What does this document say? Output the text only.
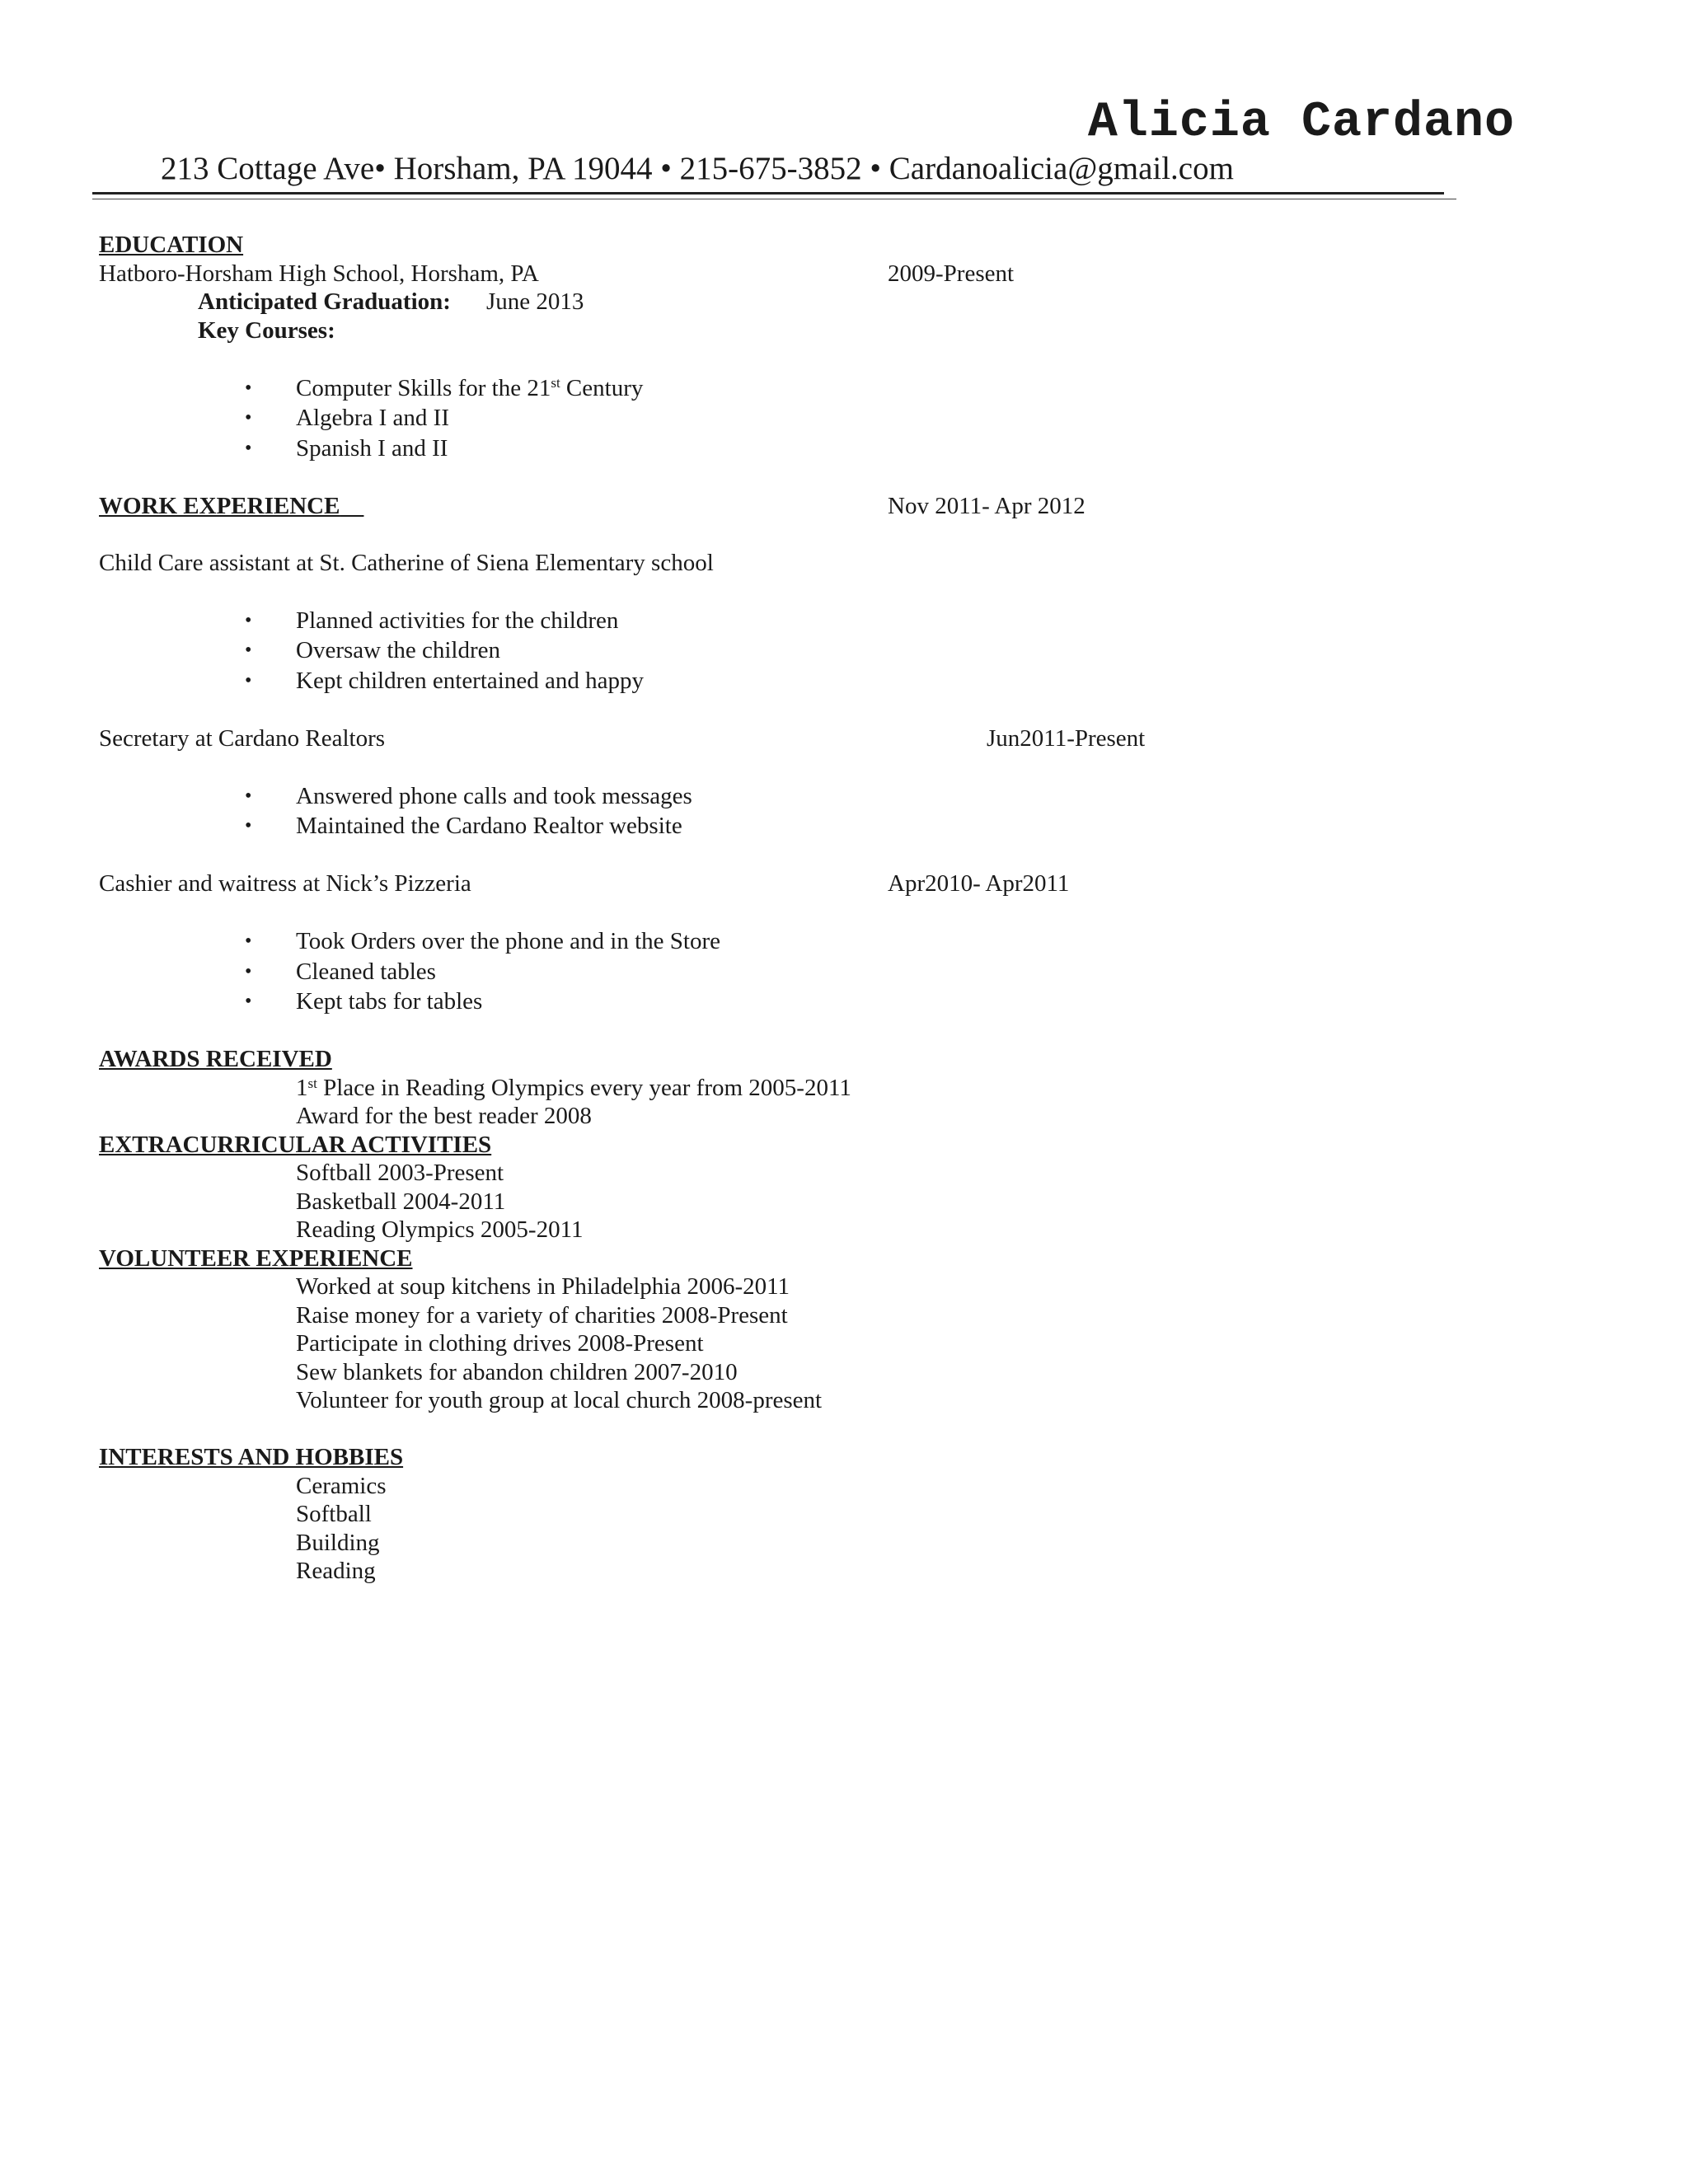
Alicia Cardano
213 Cottage Ave• Horsham, PA 19044 • 215-675-3852 • Cardanoalicia@gmail.com
EDUCATION
Hatboro-Horsham High School, Horsham, PA	2009-Present
Anticipated Graduation: June 2013
Key Courses:
• Computer Skills for the 21st Century
• Algebra I and II
• Spanish I and II
WORK EXPERIENCE	Nov 2011- Apr 2012
Child Care assistant at St. Catherine of Siena Elementary school
• Planned activities for the children
• Oversaw the children
• Kept children entertained and happy
Secretary at Cardano Realtors	Jun2011-Present
• Answered phone calls and took messages
• Maintained the Cardano Realtor website
Cashier and waitress at Nick’s Pizzeria	Apr2010- Apr2011
• Took Orders over the phone and in the Store
• Cleaned tables
• Kept tabs for tables
AWARDS RECEIVED
1st Place in Reading Olympics every year from 2005-2011
Award for the best reader 2008
EXTRACURRICULAR ACTIVITIES
Softball 2003-Present
Basketball 2004-2011
Reading Olympics 2005-2011
VOLUNTEER EXPERIENCE
Worked at soup kitchens in Philadelphia 2006-2011
Raise money for a variety of charities 2008-Present
Participate in clothing drives 2008-Present
Sew blankets for abandon children 2007-2010
Volunteer for youth group at local church 2008-present
INTERESTS AND HOBBIES
Ceramics
Softball
Building
Reading
